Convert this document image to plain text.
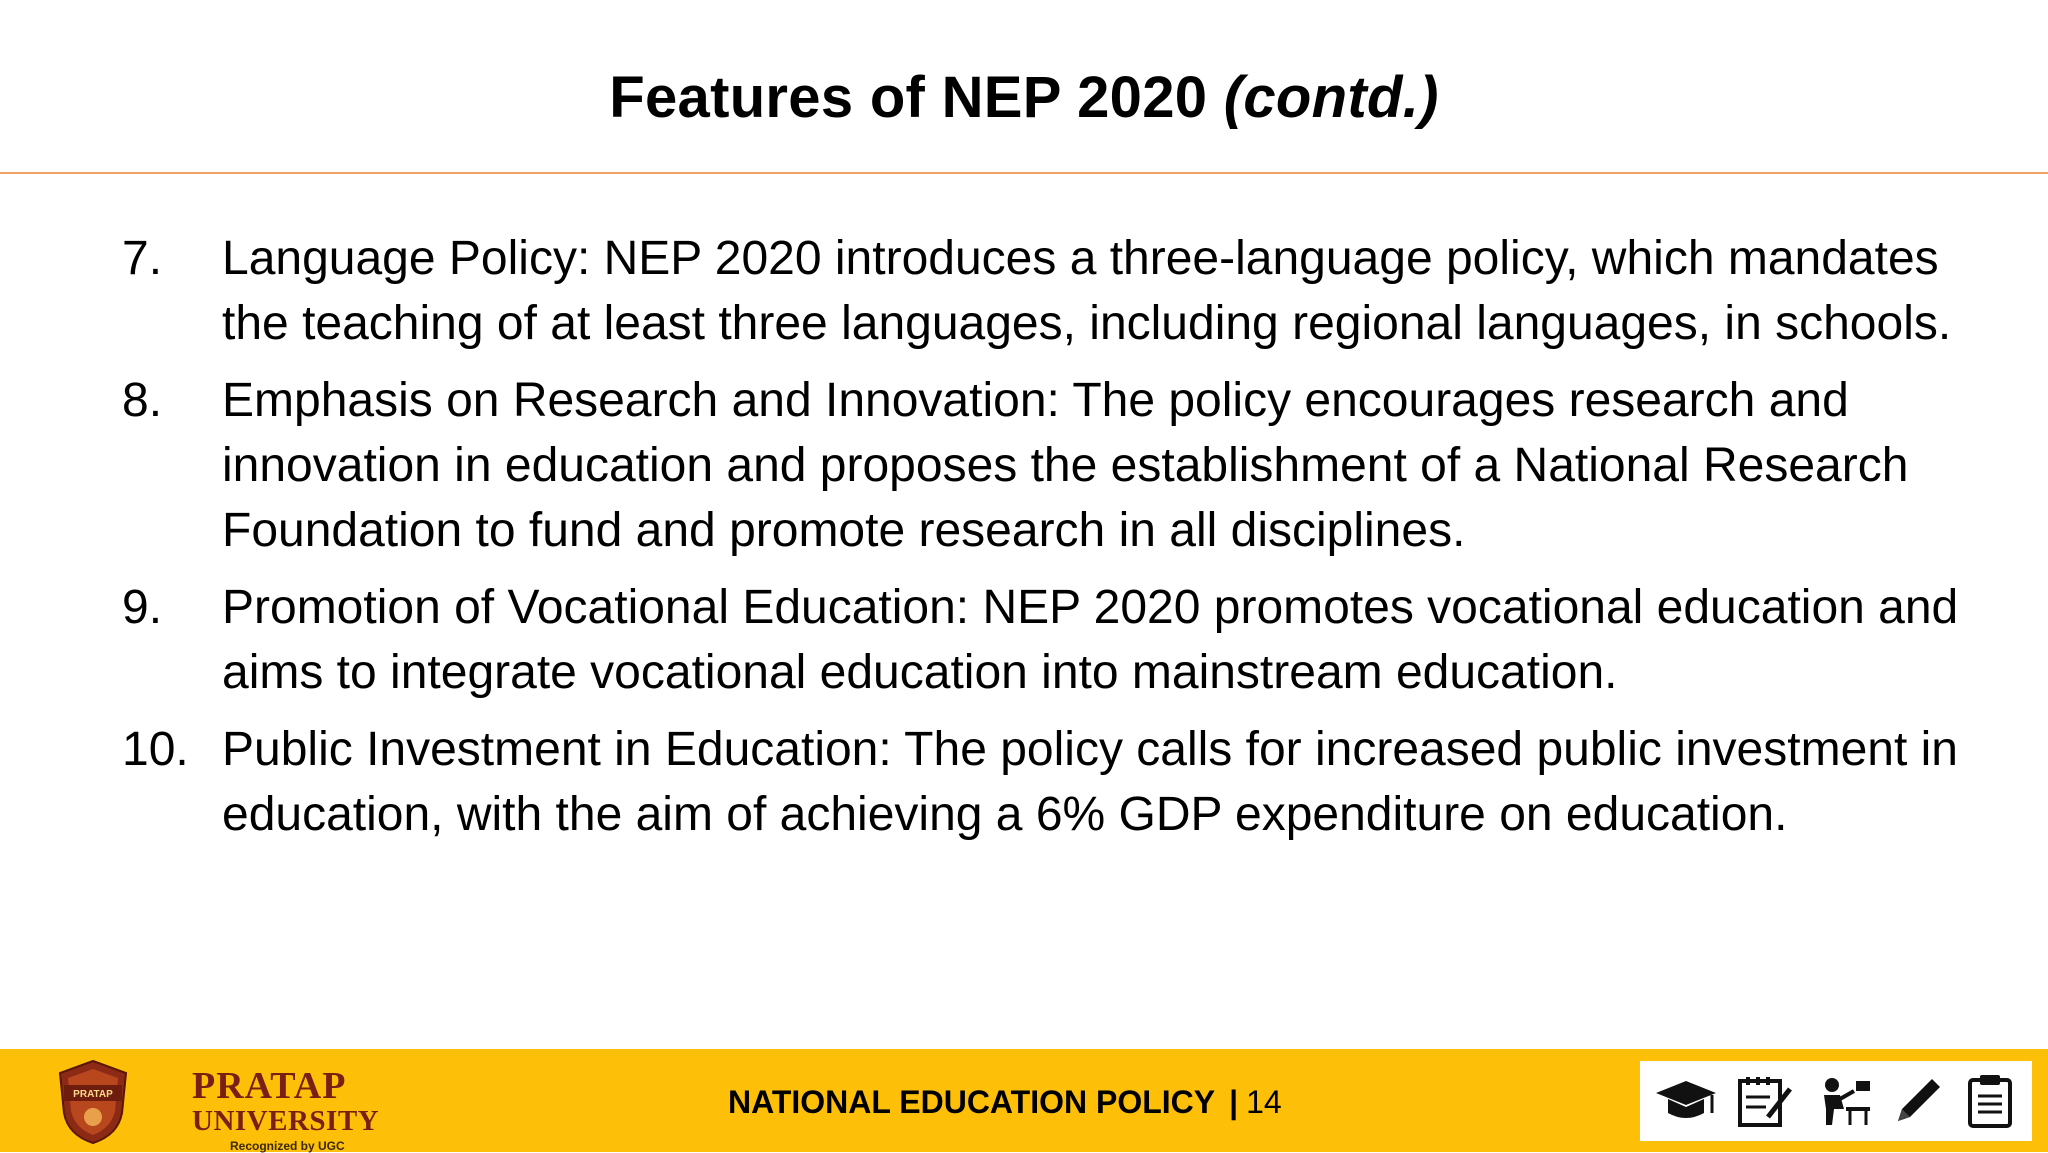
Features of NEP 2020 (contd.)
7. Language Policy: NEP 2020 introduces a three-language policy, which mandates the teaching of at least three languages, including regional languages, in schools.
8. Emphasis on Research and Innovation: The policy encourages research and innovation in education and proposes the establishment of a National Research Foundation to fund and promote research in all disciplines.
9. Promotion of Vocational Education: NEP 2020 promotes vocational education and aims to integrate vocational education into mainstream education.
10. Public Investment in Education: The policy calls for increased public investment in education, with the aim of achieving a 6% GDP expenditure on education.
PRATAP PRATAP
UNIVERSITY
Recognized by UGC
NATIONAL EDUCATION POLICY | 14
